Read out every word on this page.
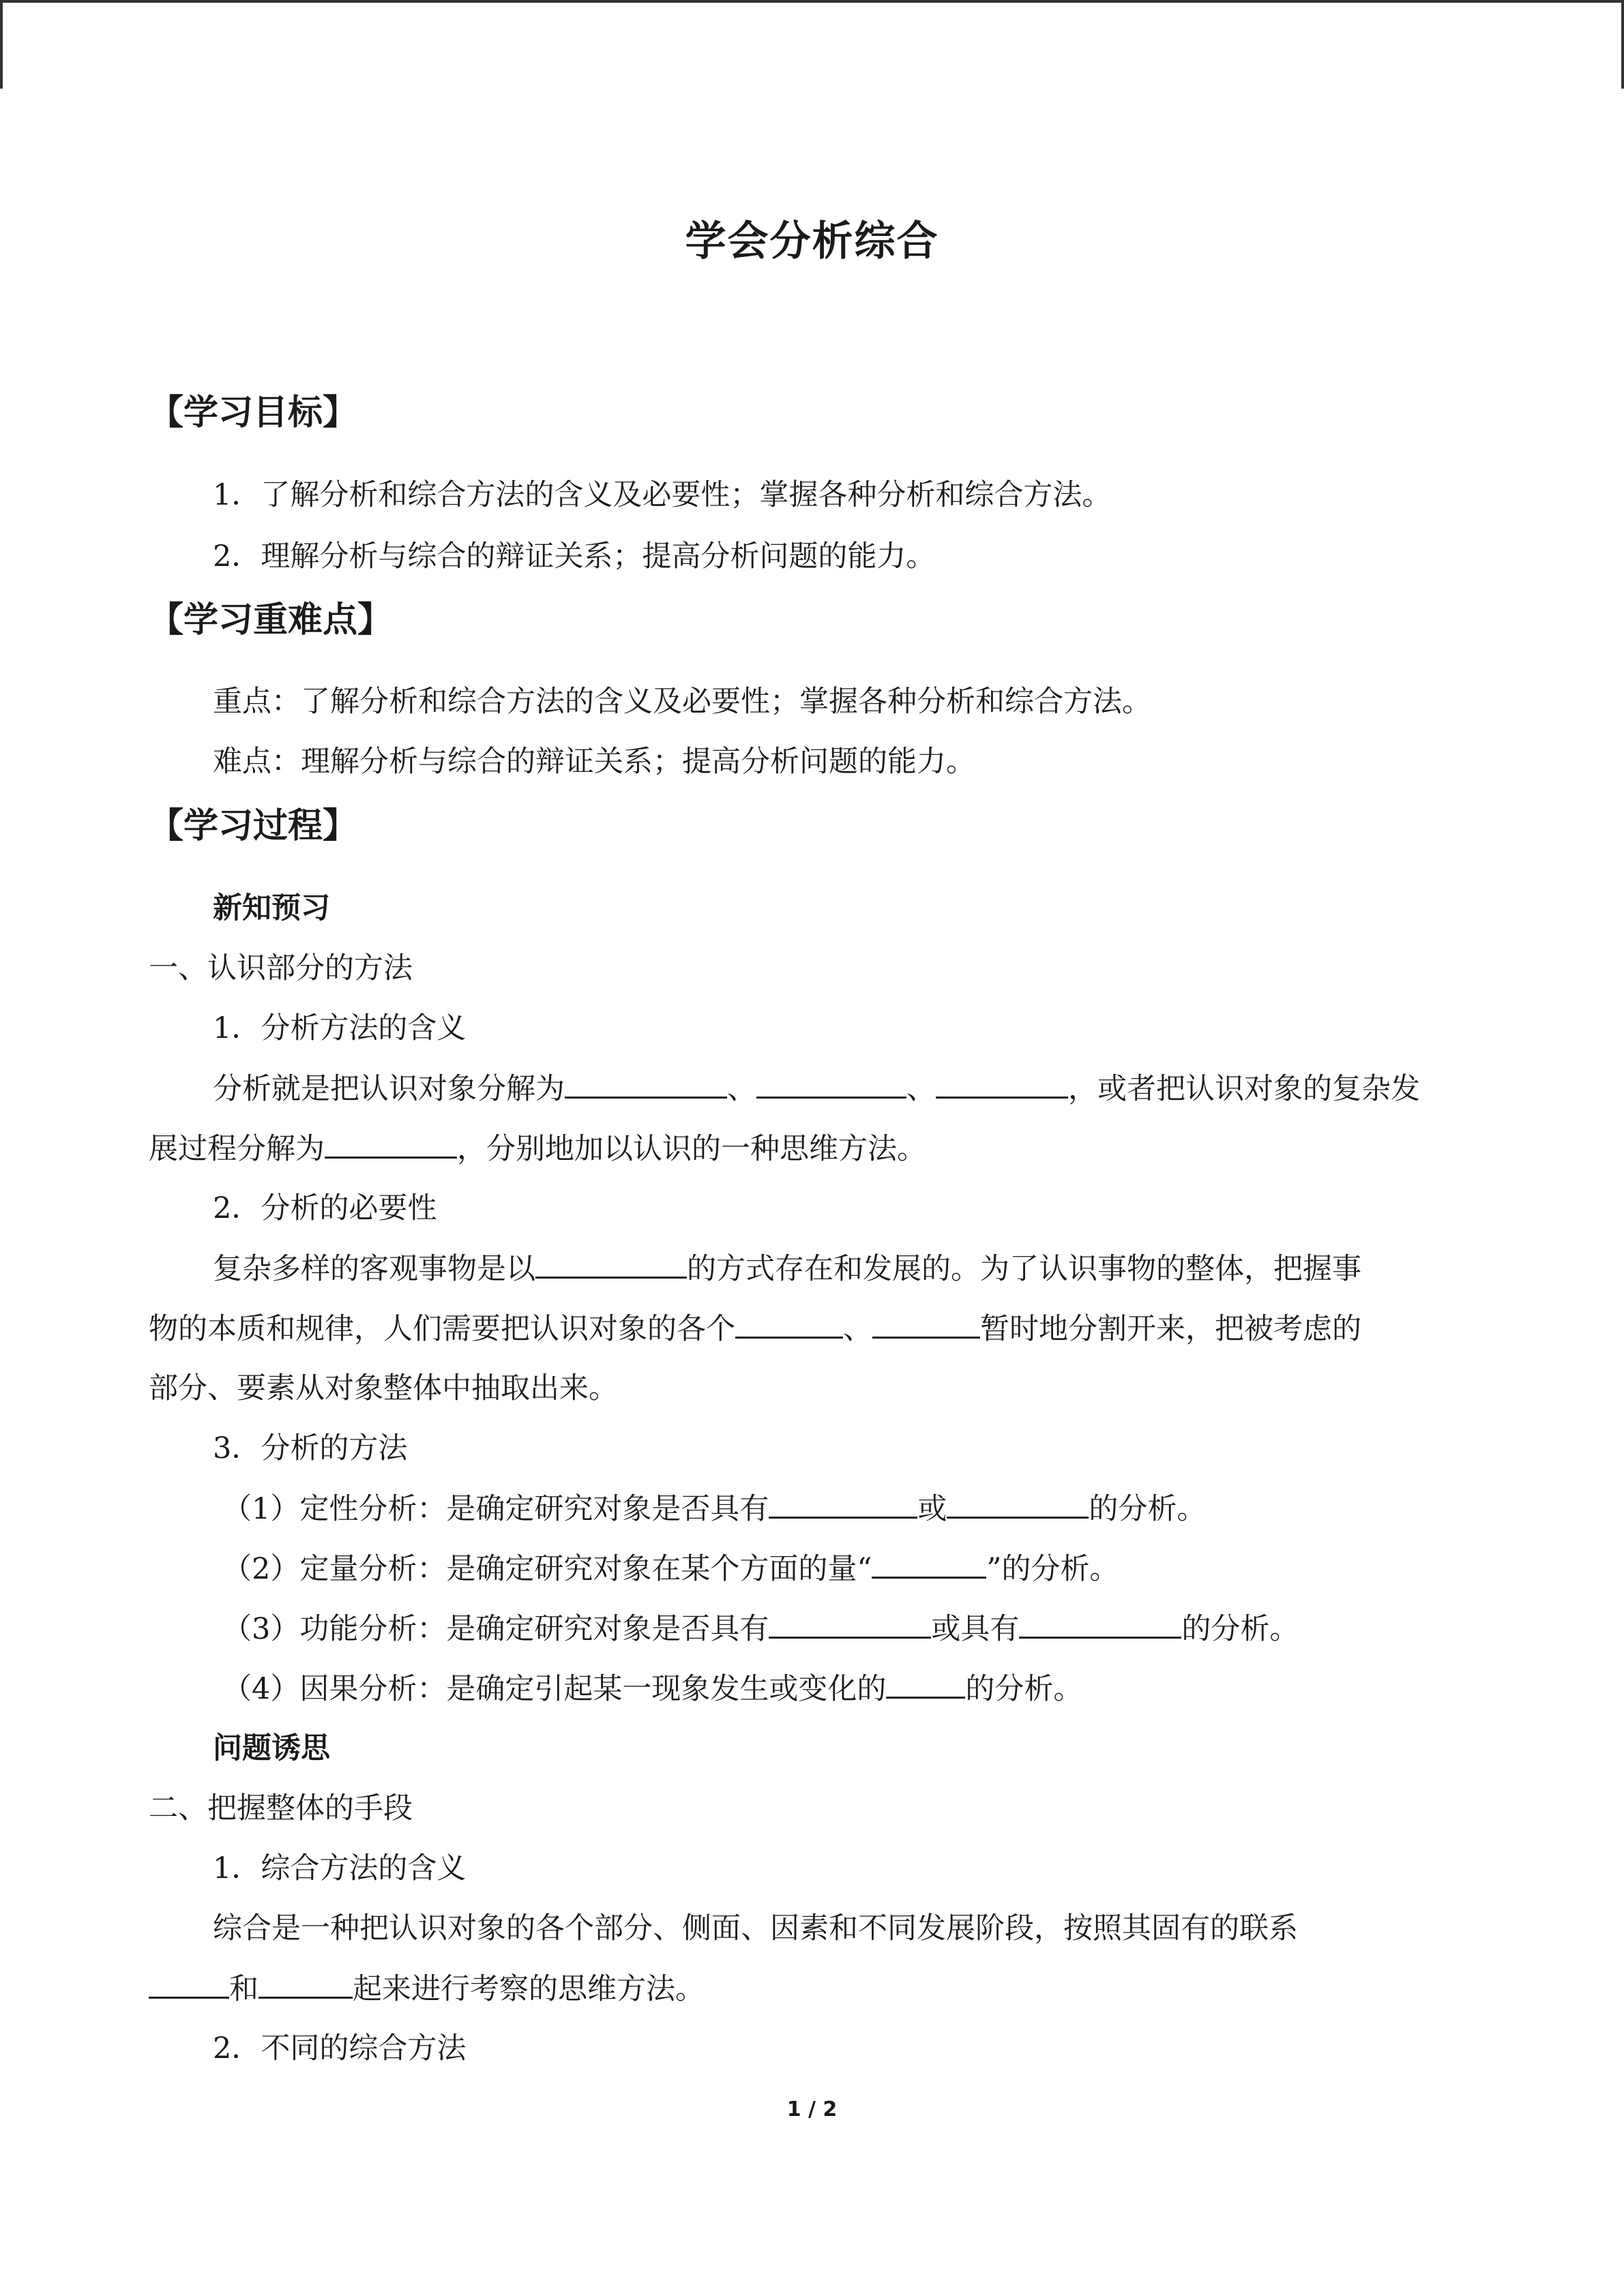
学会分析综合
【学习目标】
1．了解分析和综合方法的含义及必要性；掌握各种分析和综合方法。
2．理解分析与综合的辩证关系；提高分析问题的能力。
【学习重难点】
重点：了解分析和综合方法的含义及必要性；掌握各种分析和综合方法。
难点：理解分析与综合的辩证关系；提高分析问题的能力。
【学习过程】
新知预习
一、认识部分的方法
1．分析方法的含义
分析就是把认识对象分解为	、	、	，或者把认识对象的复杂发
展过程分解为	，分别地加以认识的一种思维方法。
2．分析的必要性
复杂多样的客观事物是以	的方式存在和发展的。为了认识事物的整体，把握事
物的本质和规律，人们需要把认识对象的各个	、	暂时地分割开来，把被考虑的
部分、要素从对象整体中抽取出来。
3．分析的方法
（1）定性分析：是确定研究对象是否具有	或	的分析。
（2）定量分析：是确定研究对象在某个方面的量“	”的分析。
（3）功能分析：是确定研究对象是否具有	或具有	的分析。
（4）因果分析：是确定引起某一现象发生或变化的	的分析。
问题诱思
二、把握整体的手段
1．综合方法的含义
综合是一种把认识对象的各个部分、侧面、因素和不同发展阶段，按照其固有的联系
和	起来进行考察的思维方法。
2．不同的综合方法
1 / 2
